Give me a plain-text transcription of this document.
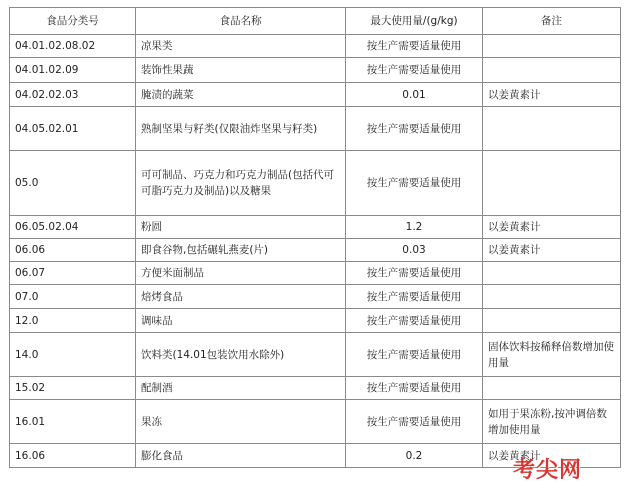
食品分类号	食品名称	最大使用量/(g/kg)	备注
04.01.02.08.02	凉果类	按生产需要适量使用	
04.01.02.09	装饰性果蔬	按生产需要适量使用	
04.02.02.03	腌渍的蔬菜	0.01	以姜黄素计
04.05.02.01	熟制坚果与籽类(仅限油炸坚果与籽类)	按生产需要适量使用	
05.0	可可制品、巧克力和巧克力制品(包括代可可脂巧克力及制品)以及糖果	按生产需要适量使用	
06.05.02.04	粉圆	1.2	以姜黄素计
06.06	即食谷物,包括碾轧燕麦(片)	0.03	以姜黄素计
06.07	方便米面制品	按生产需要适量使用	
07.0	焙烤食品	按生产需要适量使用	
12.0	调味品	按生产需要适量使用	
14.0	饮料类(14.01包装饮用水除外)	按生产需要适量使用	固体饮料按稀释倍数增加使用量
15.02	配制酒	按生产需要适量使用	
16.01	果冻	按生产需要适量使用	如用于果冻粉,按冲调倍数增加使用量
16.06	膨化食品	0.2	以姜黄素计
考尖网
